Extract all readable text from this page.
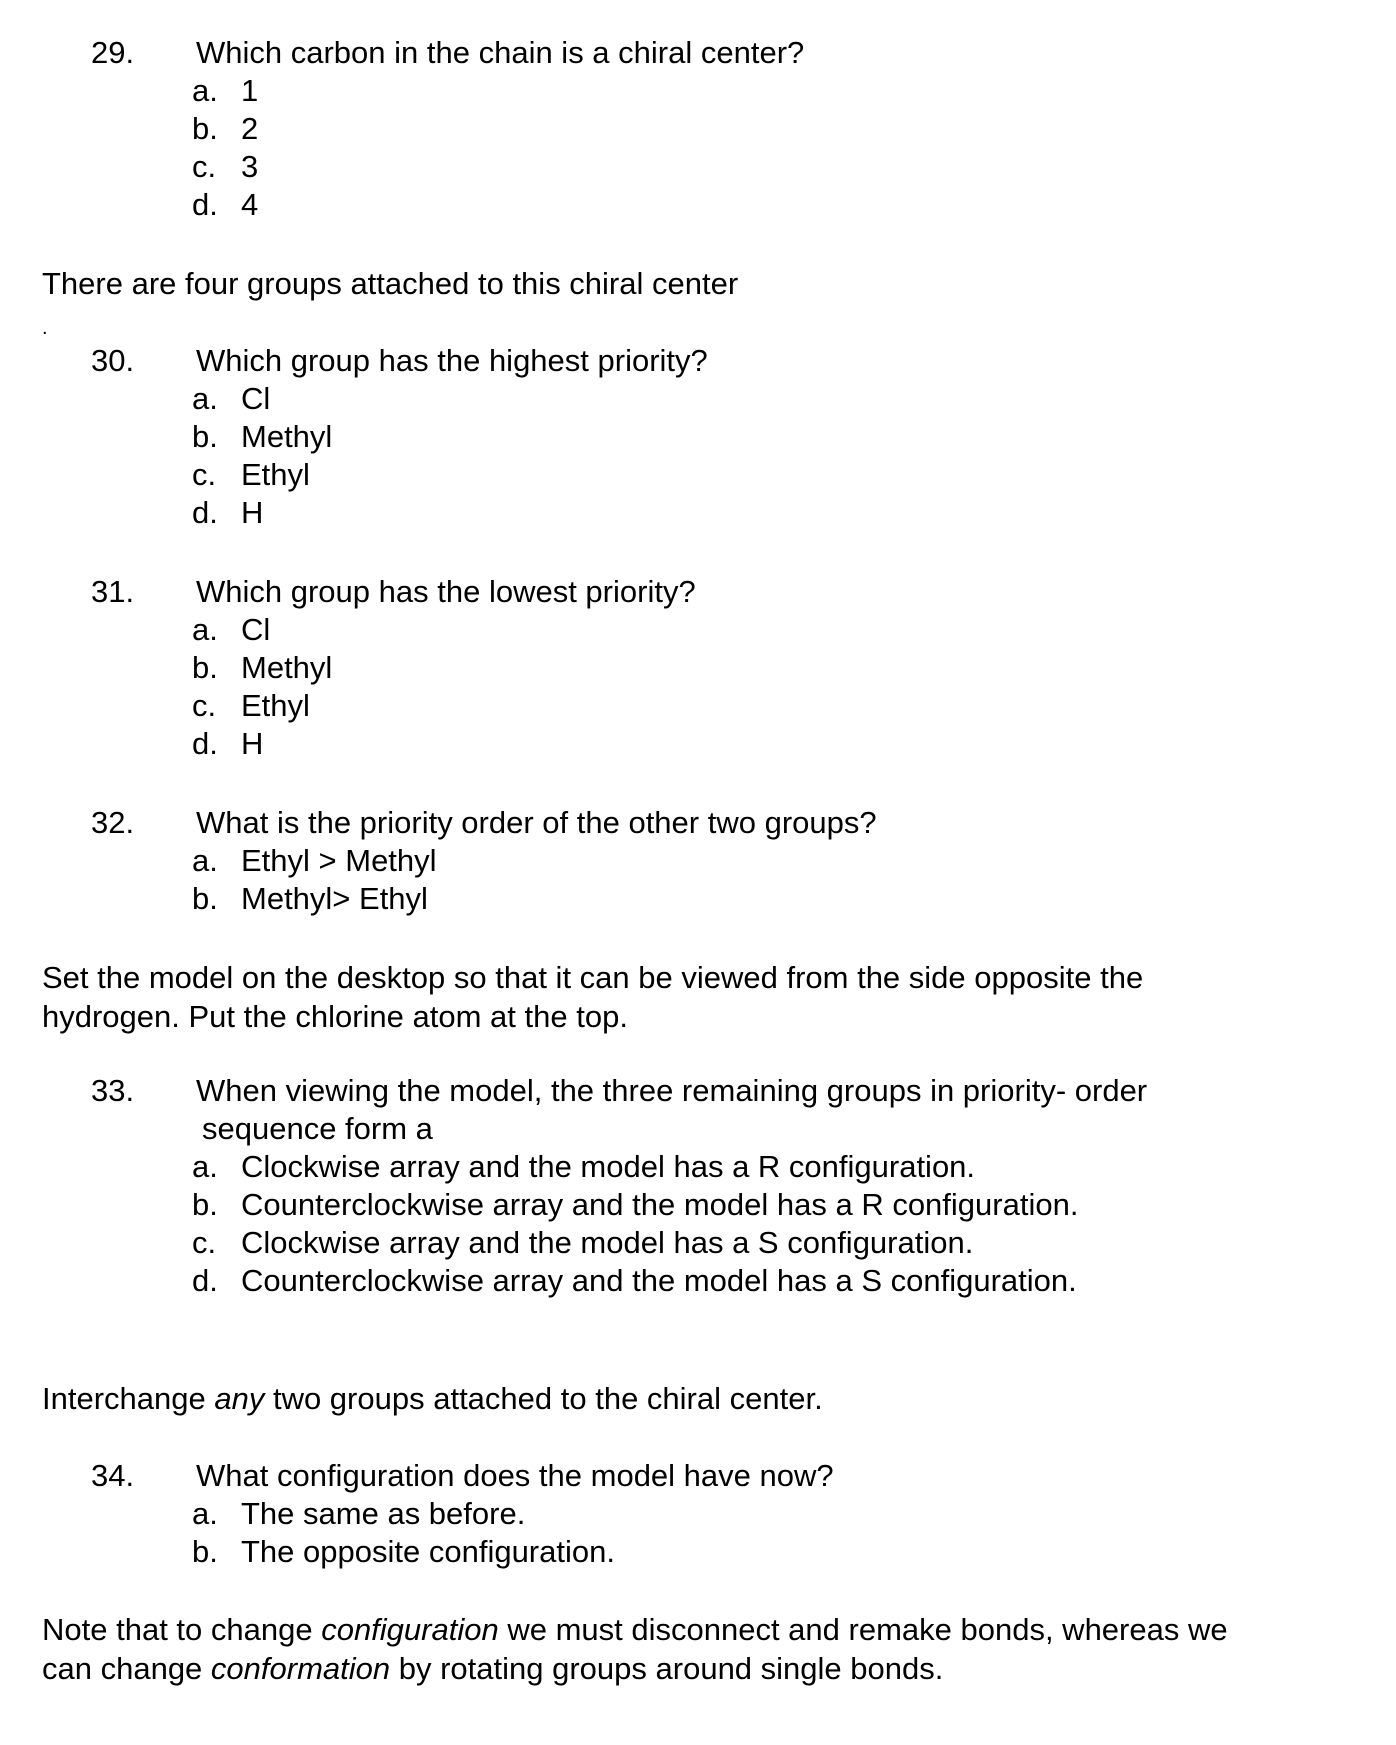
29. Which carbon in the chain is a chiral center?
a. 1
b. 2
c. 3
d. 4
There are four groups attached to this chiral center
.
30. Which group has the highest priority?
a. Cl
b. Methyl
c. Ethyl
d. H
31. Which group has the lowest priority?
a. Cl
b. Methyl
c. Ethyl
d. H
32. What is the priority order of the other two groups?
a. Ethyl > Methyl
b. Methyl> Ethyl
Set the model on the desktop so that it can be viewed from the side opposite the
hydrogen. Put the chlorine atom at the top.
33. When viewing the model, the three remaining groups in priority- order
sequence form a
a. Clockwise array and the model has a R configuration.
b. Counterclockwise array and the model has a R configuration.
c. Clockwise array and the model has a S configuration.
d. Counterclockwise array and the model has a S configuration.
Interchange any two groups attached to the chiral center.
34. What configuration does the model have now?
a. The same as before.
b. The opposite configuration.
Note that to change configuration we must disconnect and remake bonds, whereas we
can change conformation by rotating groups around single bonds.
